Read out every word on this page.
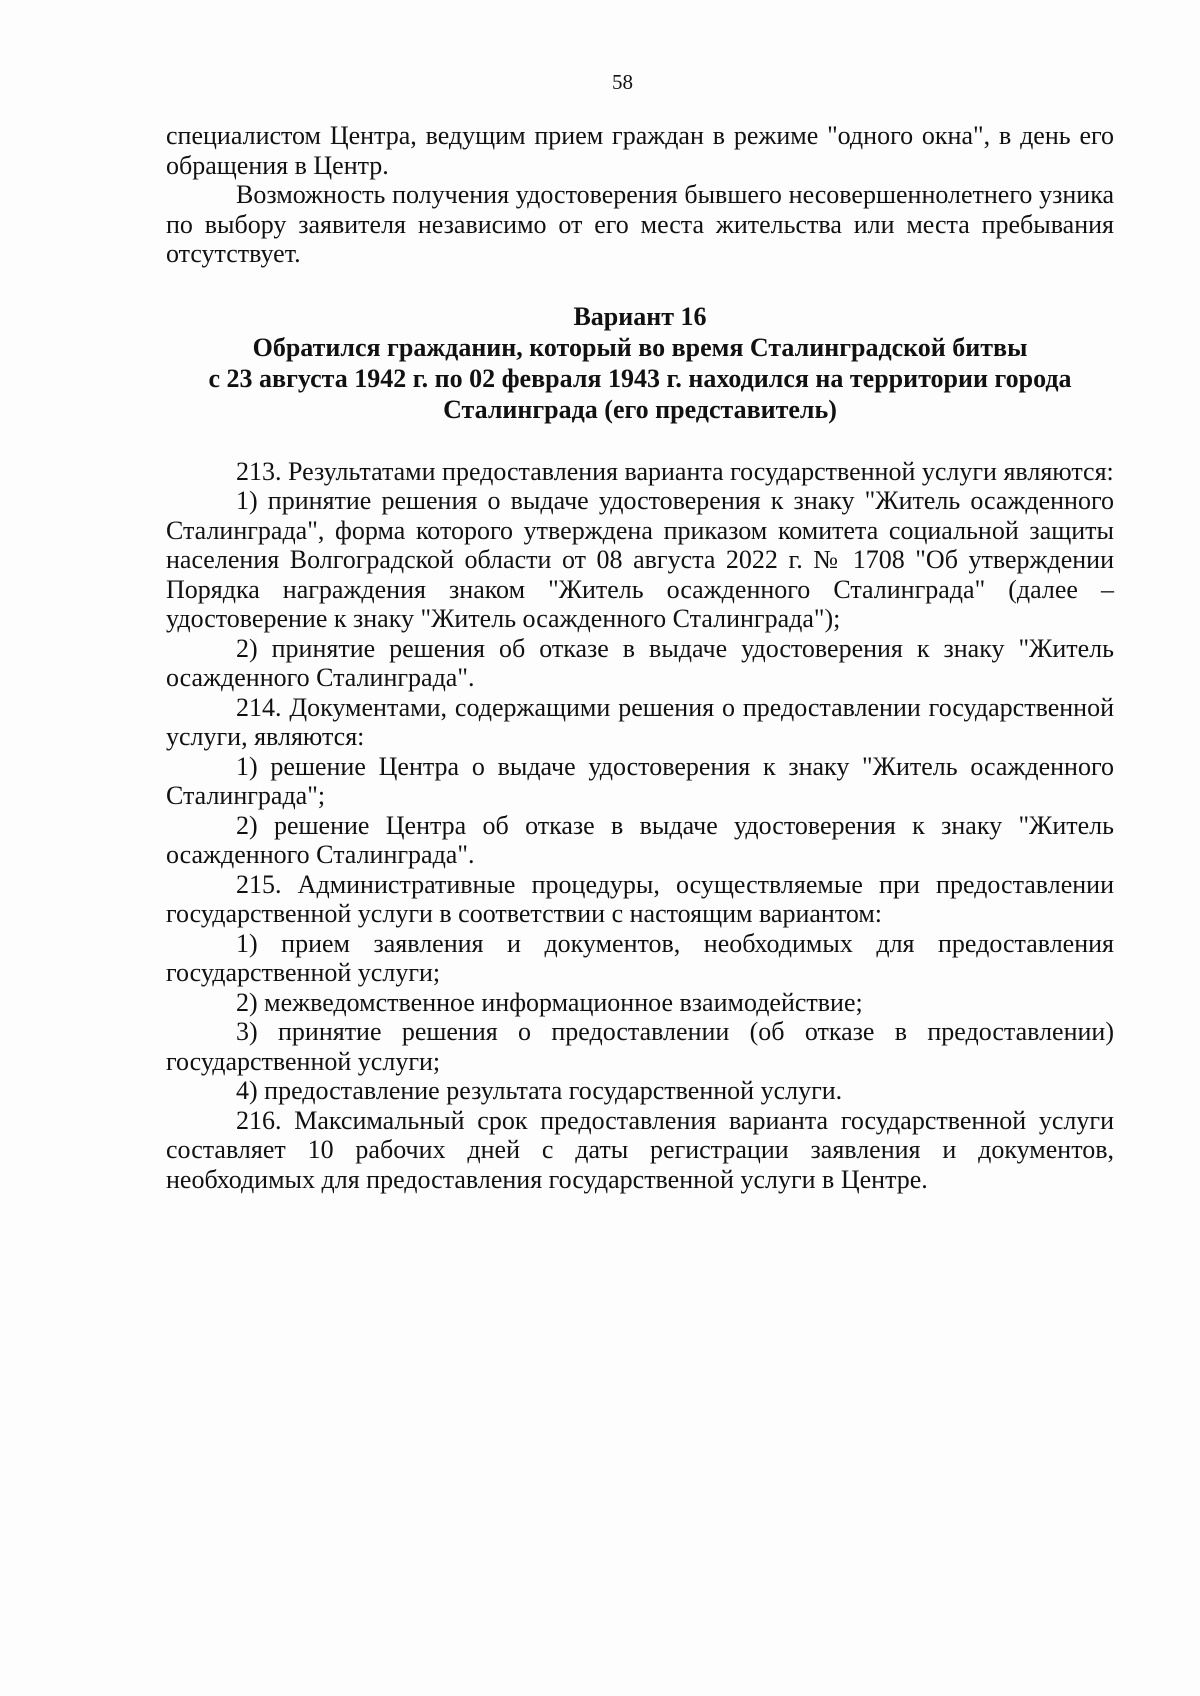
58

специалистом Центра, ведущим прием граждан в режиме "одного окна", в день его обращения в Центр.

Возможность получения удостоверения бывшего несовершеннолетнего узника по выбору заявителя независимо от его места жительства или места пребывания отсутствует.

Вариант 16

Обратился гражданин, который во время Сталинградской битвы

с 23 августа 1942 г. по 02 февраля 1943 г. находился на территории города

Сталинграда (его представитель)

213. Результатами предоставления варианта государственной услуги являются:

1) принятие решения о выдаче удостоверения к знаку "Житель осажденного Сталинграда", форма которого утверждена приказом комитета социальной защиты населения Волгоградской области от 08 августа 2022 г. № 1708 "Об утверждении Порядка награждения знаком "Житель осажденного Сталинграда" (далее – удостоверение к знаку "Житель осажденного Сталинграда");

2) принятие решения об отказе в выдаче удостоверения к знаку "Житель осажденного Сталинграда".

214. Документами, содержащими решения о предоставлении государственной услуги, являются:

1) решение Центра о выдаче удостоверения к знаку "Житель осажденного Сталинграда";

2) решение Центра об отказе в выдаче удостоверения к знаку "Житель осажденного Сталинграда".

215. Административные процедуры, осуществляемые при предоставлении государственной услуги в соответствии с настоящим вариантом:

1) прием заявления и документов, необходимых для предоставления государственной услуги;

2) межведомственное информационное взаимодействие;

3) принятие решения о предоставлении (об отказе в предоставлении) государственной услуги;

4) предоставление результата государственной услуги.

216. Максимальный срок предоставления варианта государственной услуги составляет 10 рабочих дней с даты регистрации заявления и документов, необходимых для предоставления государственной услуги в Центре.
